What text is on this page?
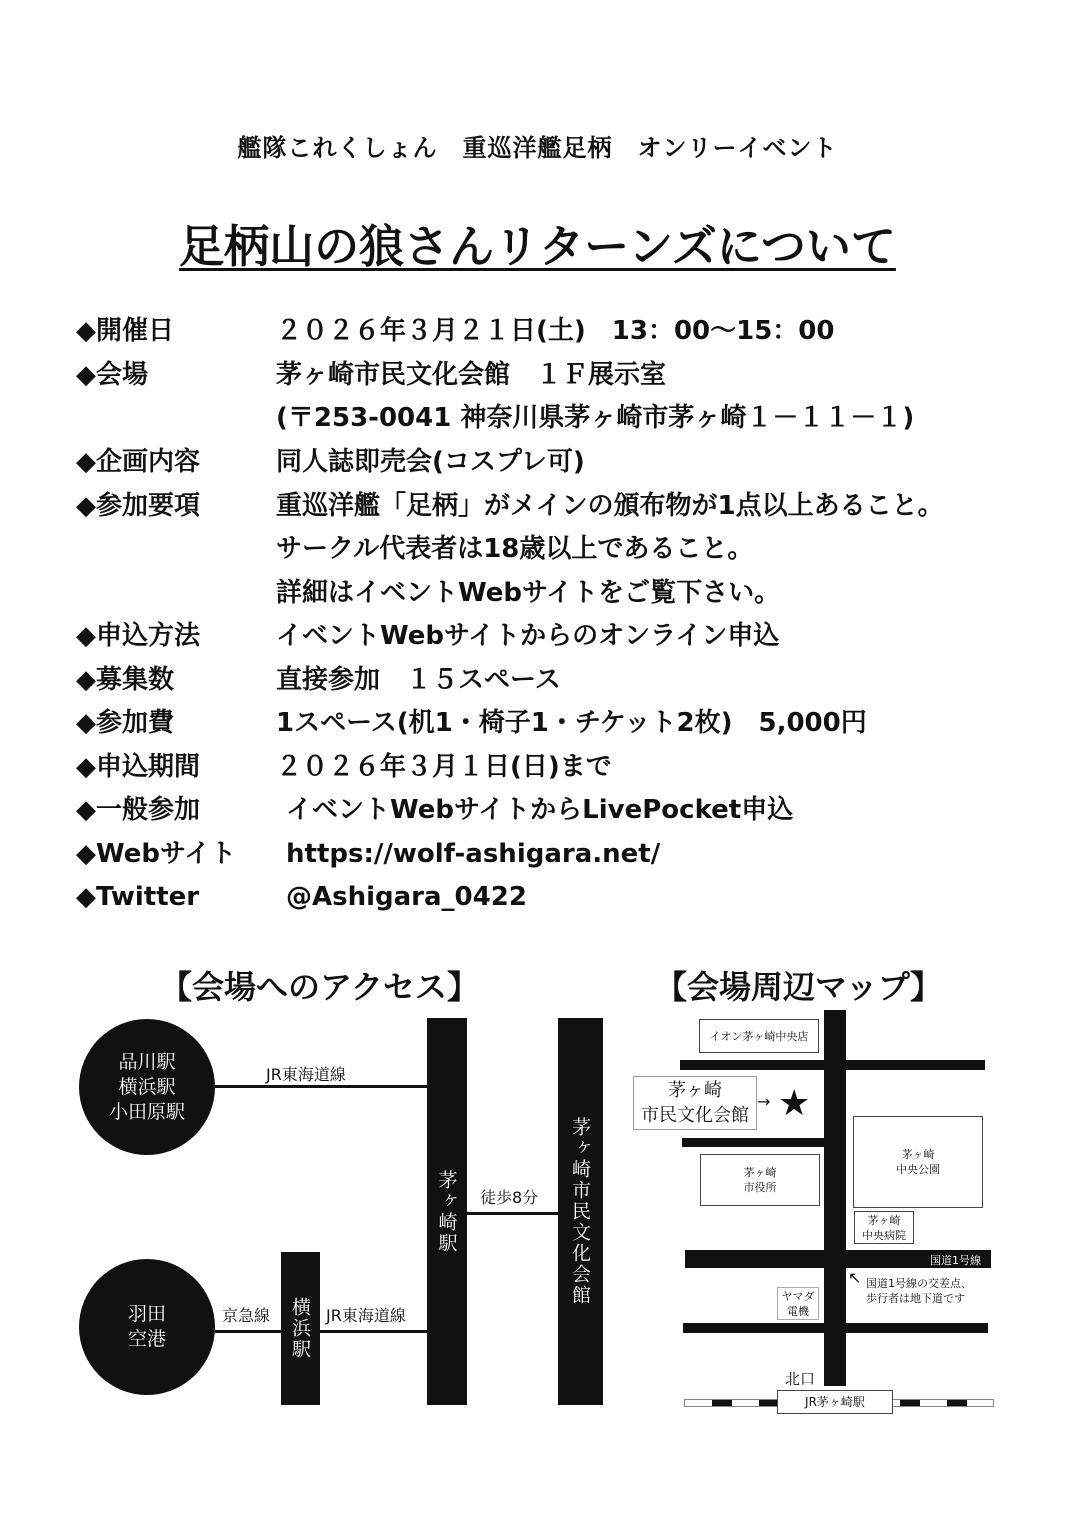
艦隊これくしょん　重巡洋艦足柄　オンリーイベント
足柄山の狼さんリターンズについて
◆開催日	２０２６年３月２１日(土)　13：00〜15：00
◆会場	茅ヶ崎市民文化会館　１Ｆ展示室
(〒253-0041 神奈川県茅ヶ崎市茅ヶ崎１－１１－１)
◆企画内容	同人誌即売会(コスプレ可)
◆参加要項	重巡洋艦「足柄」がメインの頒布物が1点以上あること。
サークル代表者は18歳以上であること。
詳細はイベントWebサイトをご覧下さい。
◆申込方法	イベントWebサイトからのオンライン申込
◆募集数	直接参加　１５スペース
◆参加費	1スペース(机1・椅子1・チケット2枚)　5,000円
◆申込期間	２０２６年３月１日(日)まで
◆一般参加	イベントWebサイトからLivePocket申込
◆Webサイト https://wolf-ashigara.net/
◆Twitter	@Ashigara_0422
【会場へのアクセス】
品川駅
横浜駅
小田原駅
羽田
空港
JR東海道線
茅ヶ崎駅	茅ヶ崎市民文化会館
徒歩8分
横浜駅
京急線	JR東海道線
【会場周辺マップ】
国道1号線
イオン茅ヶ崎中央店
茅ヶ崎
市民文化会館
→ ★
茅ヶ崎
市役所
茅ヶ崎
中央公園
茅ヶ崎
中央病院
↖ 国道1号線の交差点、
歩行者は地下道です
ヤマダ
電機
北口
JR茅ヶ崎駅
